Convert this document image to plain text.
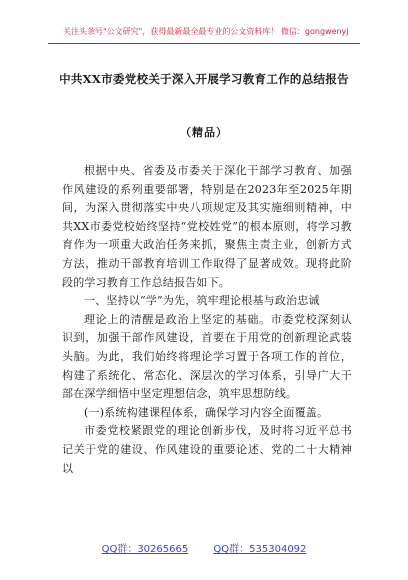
关注头条号"公文研究"，获得最新最全最专业的公文资料库！ 微信：gongwenyj
中共XX市委党校关于深入开展学习教育工作的总结报告
（精品）

根据中央、省委及市委关于深化干部学习教育、加强作风建设的系列重要部署，特别是在2023年至2025年期间，为深入贯彻落实中央八项规定及其实施细则精神，中共XX市委党校始终坚持“党校姓党”的根本原则，将学习教育作为一项重大政治任务来抓，聚焦主责主业，创新方式方法，推动干部教育培训工作取得了显著成效。现将此阶段的学习教育工作总结报告如下。

一、坚持以“学”为先，筑牢理论根基与政治忠诚

理论上的清醒是政治上坚定的基础。市委党校深刻认识到，加强干部作风建设，首要在于用党的创新理论武装头脑。为此，我们始终将理论学习置于各项工作的首位，构建了系统化、常态化、深层次的学习体系，引导广大干部在深学细悟中坚定理想信念，筑牢思想防线。

(一)系统构建课程体系，确保学习内容全面覆盖。

市委党校紧跟党的理论创新步伐，及时将习近平总书记关于党的建设、作风建设的重要论述、党的二十大精神以

QQ群：30265665	QQ群：535304092
